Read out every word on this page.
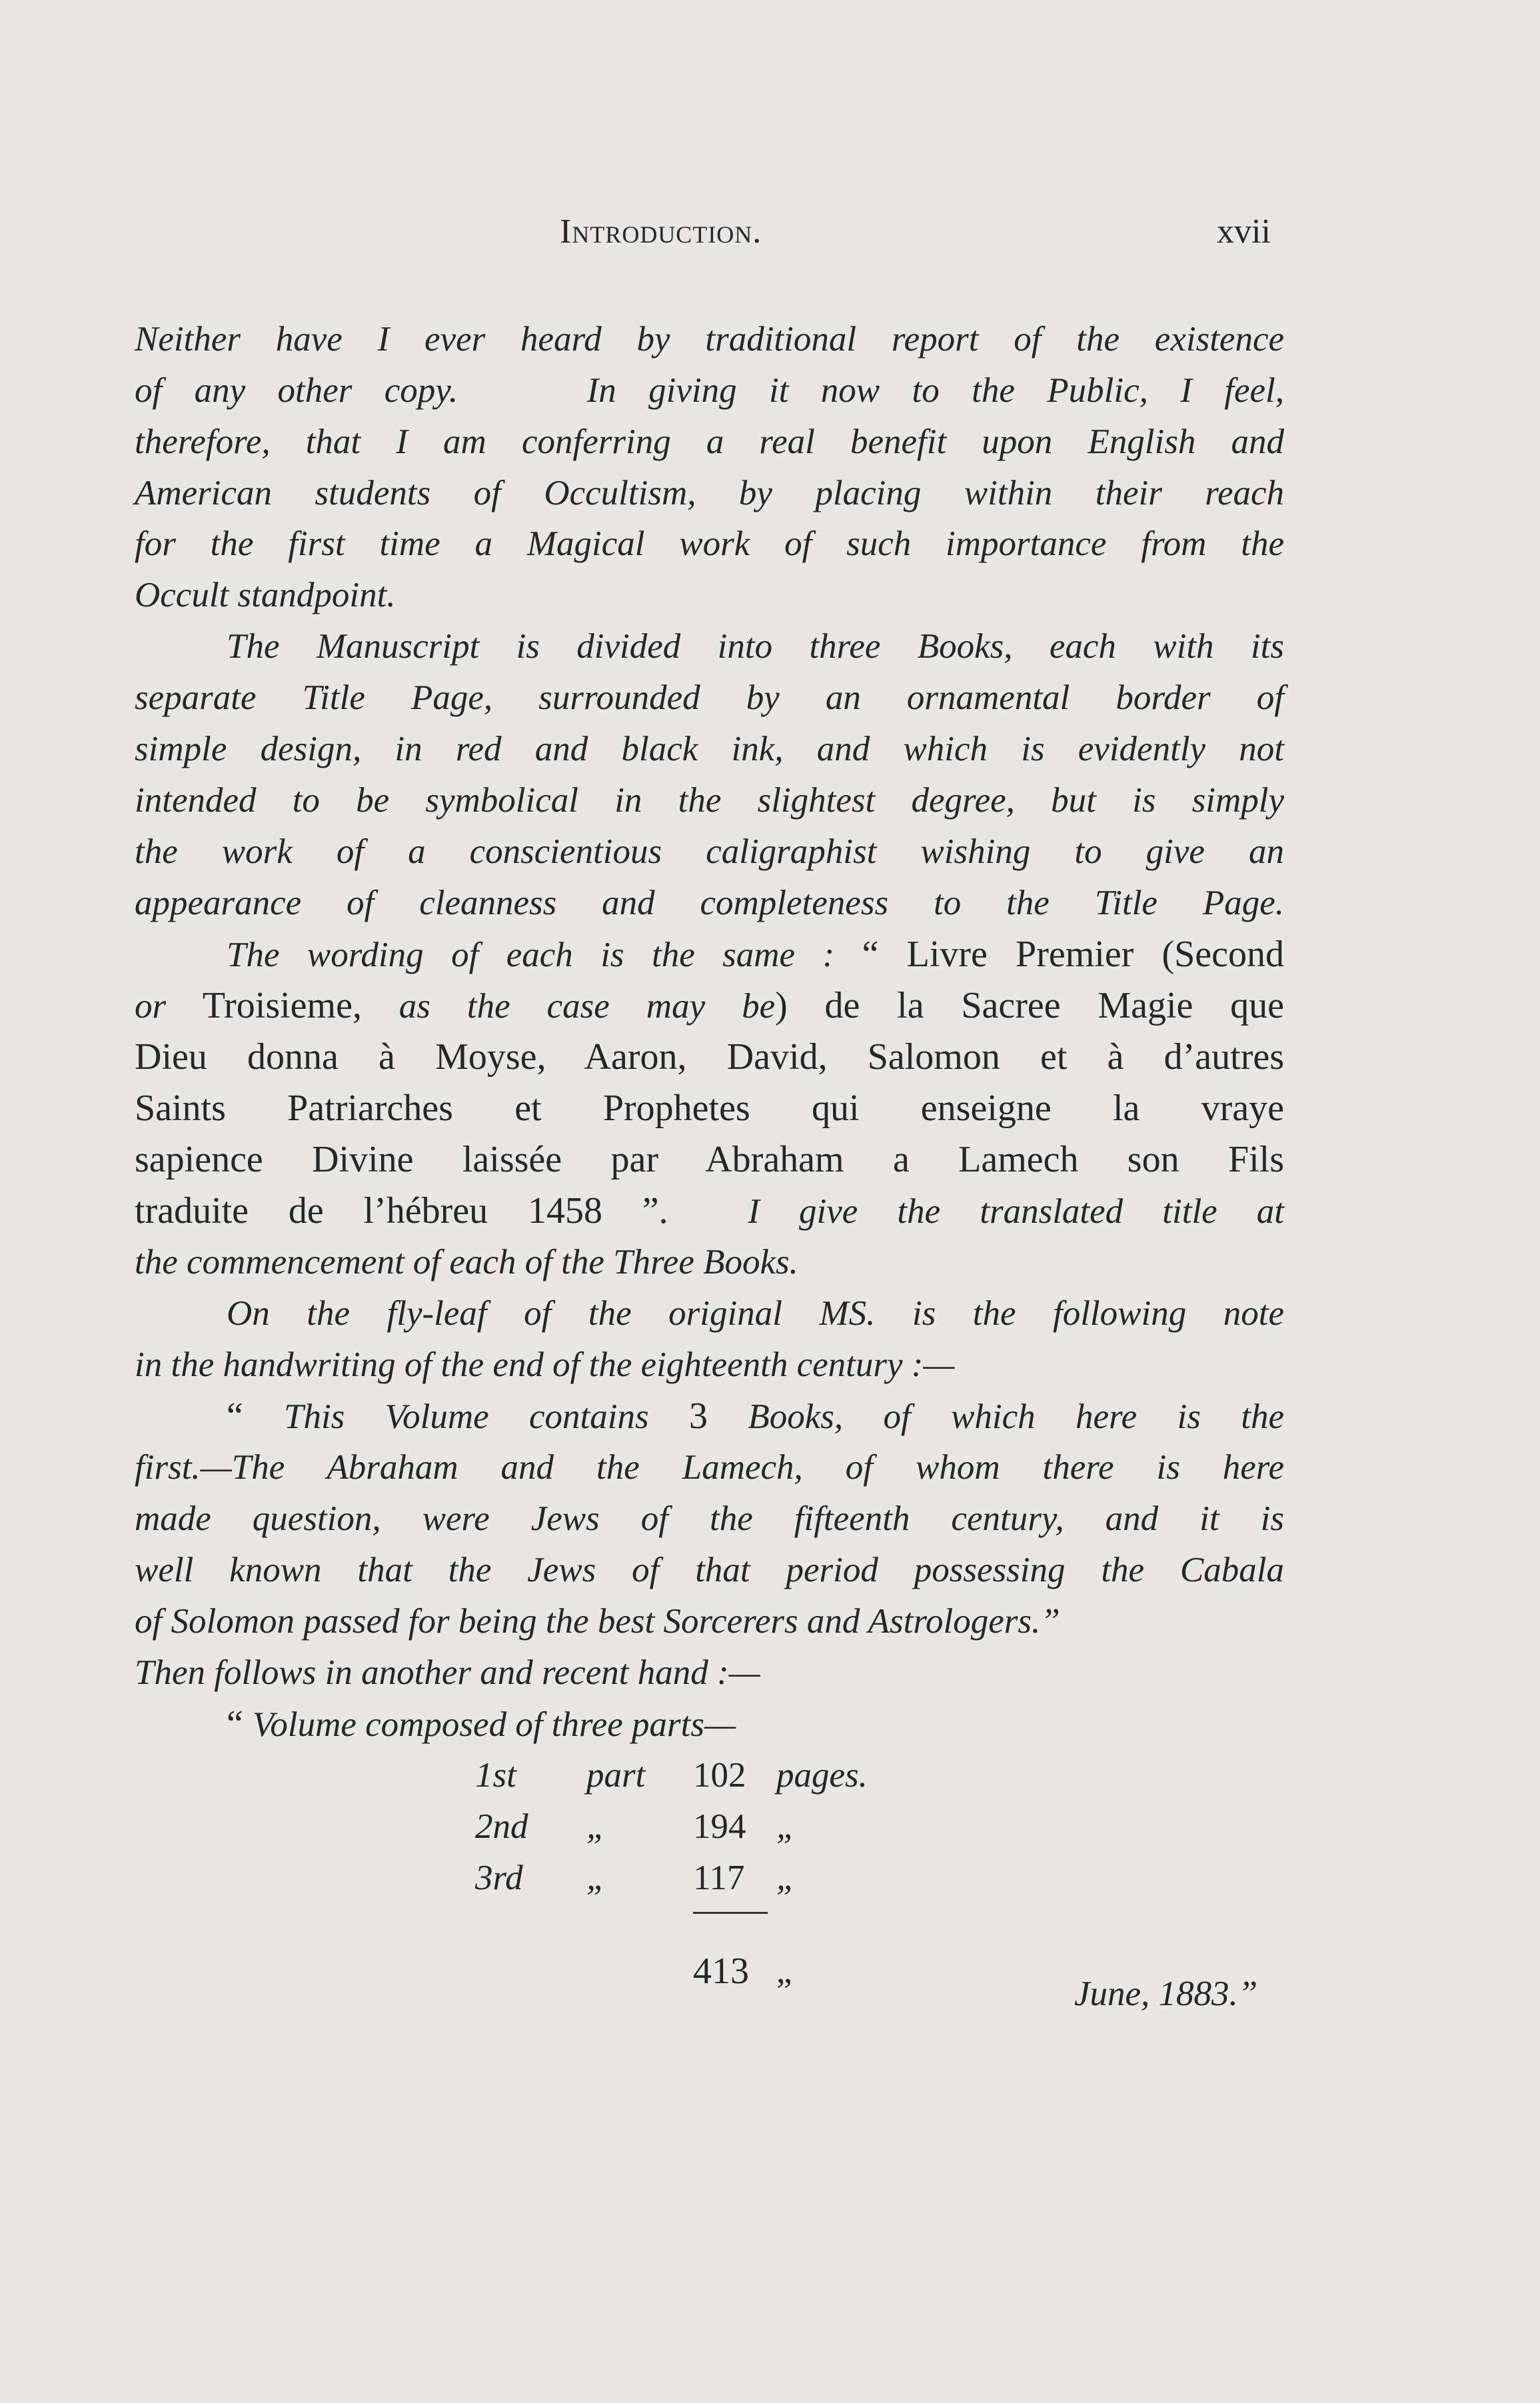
Introduction.	xvii
Neither have I ever heard by traditional report of the existence
of any other copy.    In giving it now to the Public, I feel,
therefore, that I am conferring a real benefit upon English and
American students of Occultism, by placing within their reach
for the first time a Magical work of such importance from the
Occult standpoint.
The Manuscript is divided into three Books, each with its
separate Title Page, surrounded by an ornamental border of
simple design, in red and black ink, and which is evidently not
intended to be symbolical in the slightest degree, but is simply
the work of a conscientious caligraphist wishing to give an
appearance of cleanness and completeness to the Title Page.
The wording of each is the same : “ Livre Premier (Second
or Troisieme, as the case may be) de la Sacree Magie que
Dieu donna à Moyse, Aaron, David, Salomon et à d’autres
Saints Patriarches et Prophetes qui enseigne la vraye
sapience Divine laissée par Abraham a Lamech son Fils
traduite de l’hébreu 1458 ”.  I give the translated title at
the commencement of each of the Three Books.
On the fly-leaf of the original MS. is the following note
in the handwriting of the end of the eighteenth century :—
“ This Volume contains 3 Books, of which here is the
first.—The Abraham and the Lamech, of whom there is here
made question, were Jews of the fifteenth century, and it is
well known that the Jews of that period possessing the Cabala
of Solomon passed for being the best Sorcerers and Astrologers.”
Then follows in another and recent hand :—
“ Volume composed of three parts—
1st part 102 pages.
2nd „ 194 „
3rd „ 117 „
413 „
June, 1883.”
